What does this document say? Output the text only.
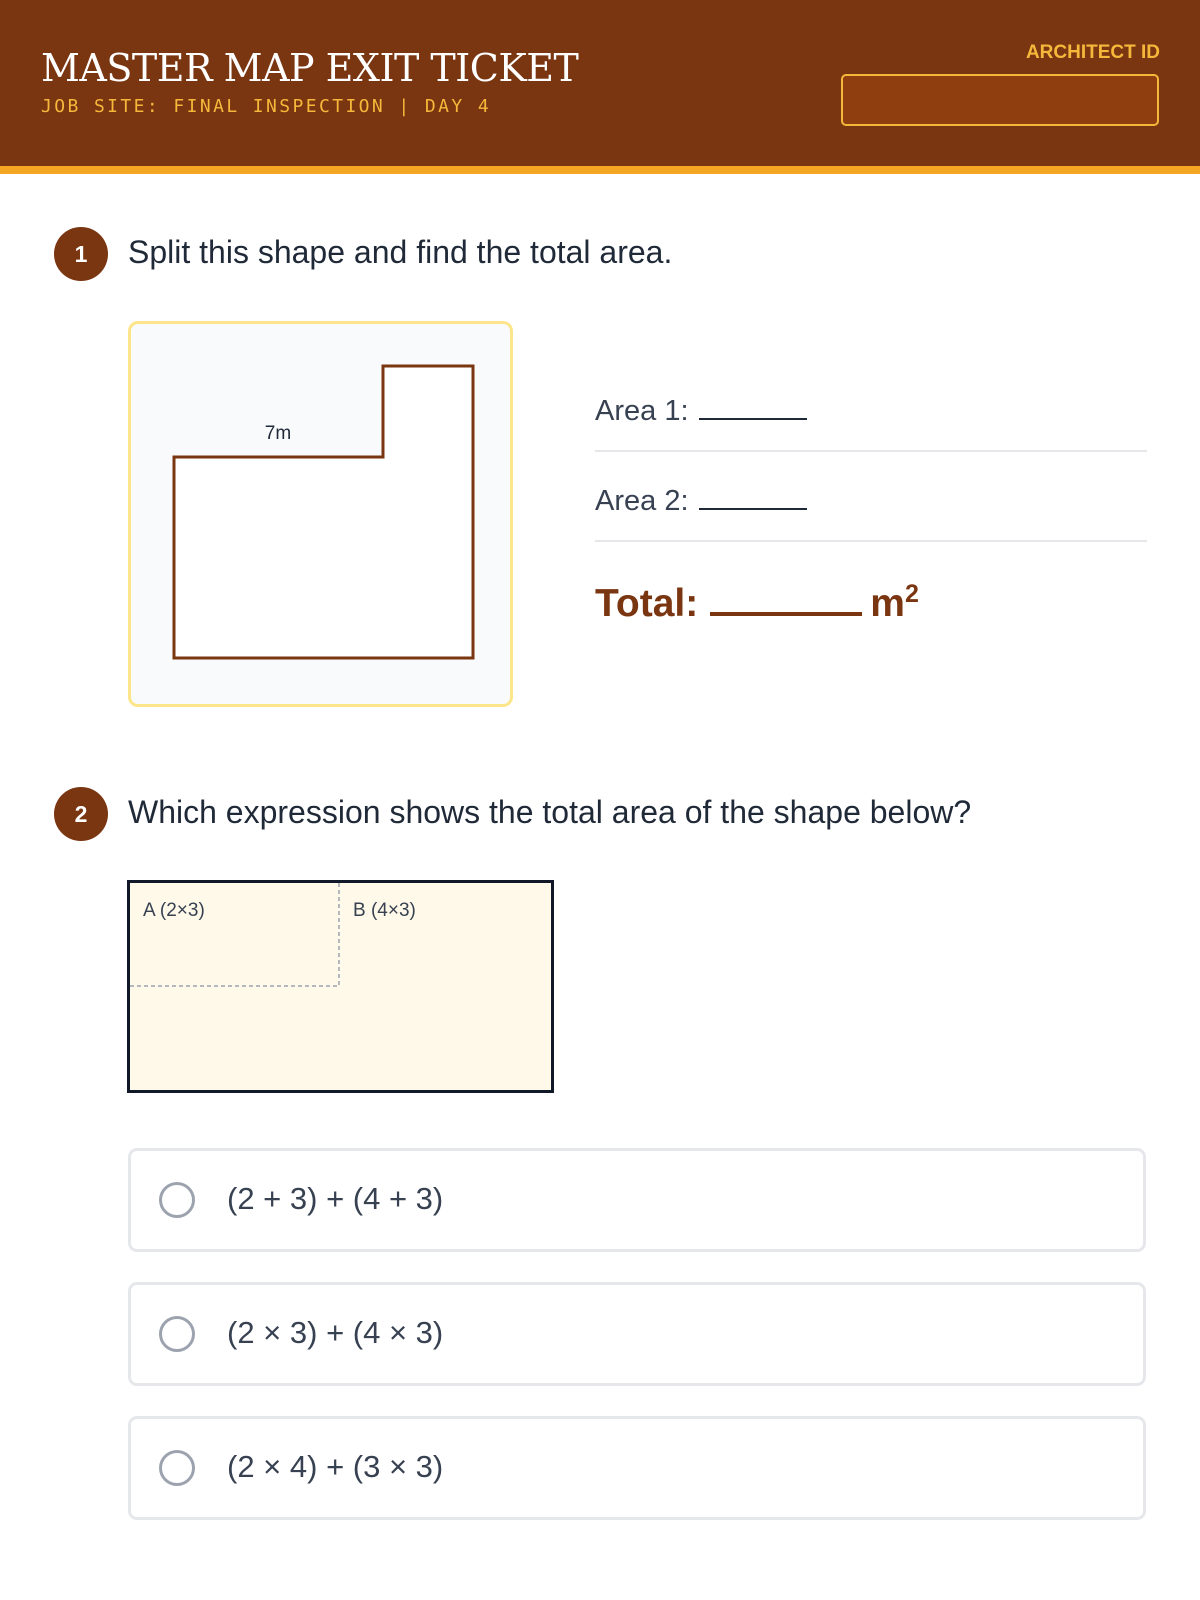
MASTER MAP EXIT TICKET
JOB SITE: FINAL INSPECTION | DAY 4
ARCHITECT ID
1	Split this shape and find the total area.
7m
Area 1:
Area 2:
Total:	$m^2$
2	Which expression shows the total area of the shape below?
A (2×3)	B (4×3)
(2 + 3) + (4 + 3)
(2 × 3) + (4 × 3)
(2 × 4) + (3 × 3)
